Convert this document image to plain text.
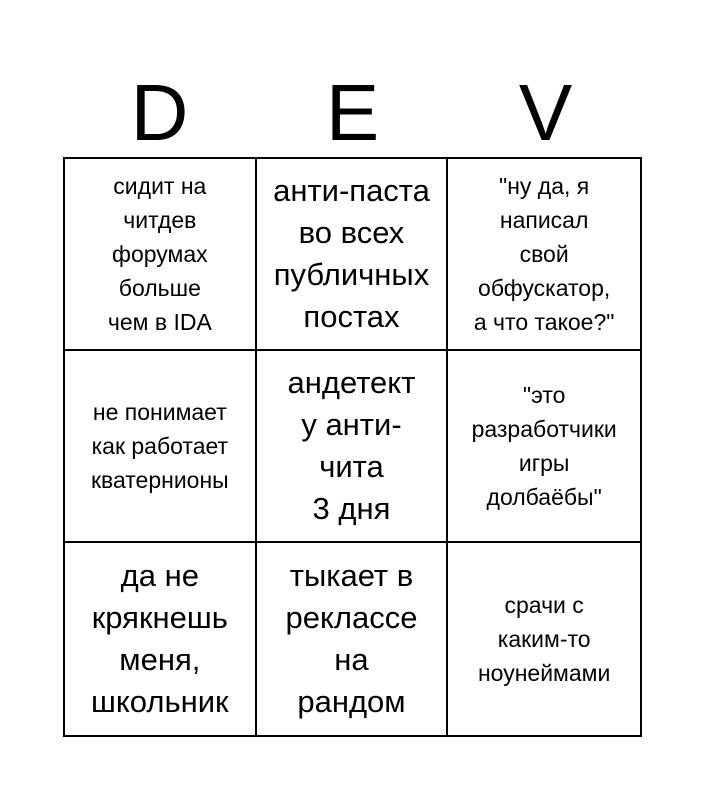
D	E	V
сидит на
читдев
форумах
больше
чем в IDA
анти-паста
во всех
публичных
постах
"ну да, я
написал
свой
обфускатор,
а что такое?"
не понимает
как работает
кватернионы
андетект
у анти-
чита
3 дня
"это
разработчики
игры
долбаёбы"
да не
крякнешь
меня,
школьник
тыкает в
реклассе
на
рандом
срачи с
каким-то
ноунеймами
